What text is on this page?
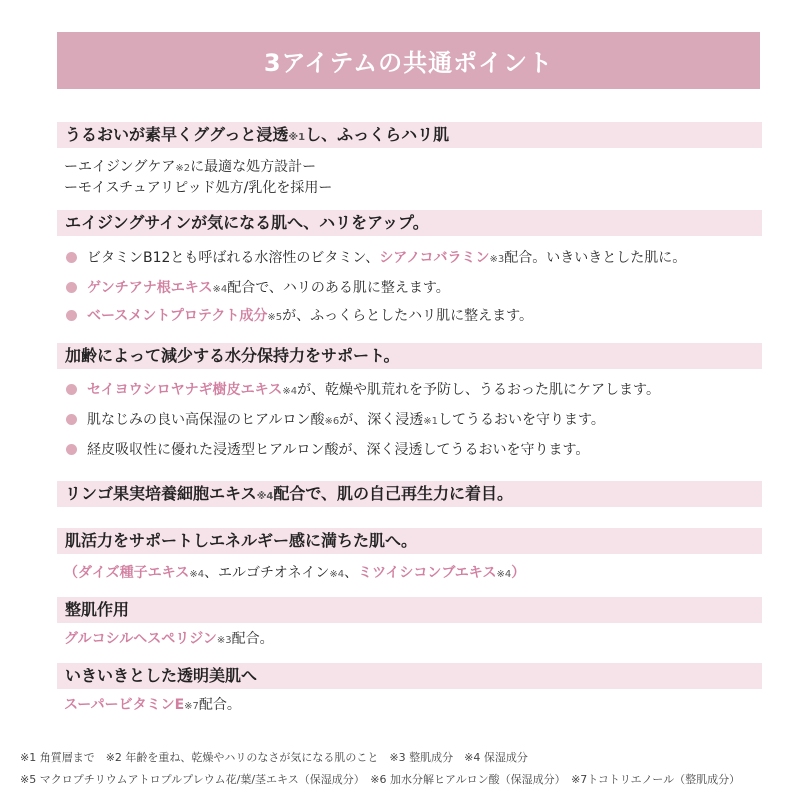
3アイテムの共通ポイント
うるおいが素早くググっと浸透※1し、ふっくらハリ肌
ーエイジングケア※2に最適な処方設計ー
ーモイスチュアリピッド処方/乳化を採用ー
エイジングサインが気になる肌へ、ハリをアップ。
ビタミンB12とも呼ばれる水溶性のビタミン、シアノコバラミン※3配合。いきいきとした肌に。
ゲンチアナ根エキス※4配合で、ハリのある肌に整えます。
ベースメントプロテクト成分※5が、ふっくらとしたハリ肌に整えます。
加齢によって減少する水分保持力をサポート。
セイヨウシロヤナギ樹皮エキス※4が、乾燥や肌荒れを予防し、うるおった肌にケアします。
肌なじみの良い高保湿のヒアルロン酸※6が、深く浸透※1してうるおいを守ります。
経皮吸収性に優れた浸透型ヒアルロン酸が、深く浸透してうるおいを守ります。
リンゴ果実培養細胞エキス※4配合で、肌の自己再生力に着目。
肌活力をサポートしエネルギー感に満ちた肌へ。
（ダイズ種子エキス※4、エルゴチオネイン※4、ミツイシコンブエキス※4）
整肌作用
グルコシルヘスペリジン※3配合。
いきいきとした透明美肌へ
スーパービタミンE※7配合。
※1 角質層まで　※2 年齢を重ね、乾燥やハリのなさが気になる肌のこと　※3 整肌成分　※4 保湿成分
※5 マクロプチリウムアトロプルプレウム花/葉/茎エキス（保湿成分）　※6 加水分解ヒアルロン酸（保湿成分）　※7トコトリエノール（整肌成分）
